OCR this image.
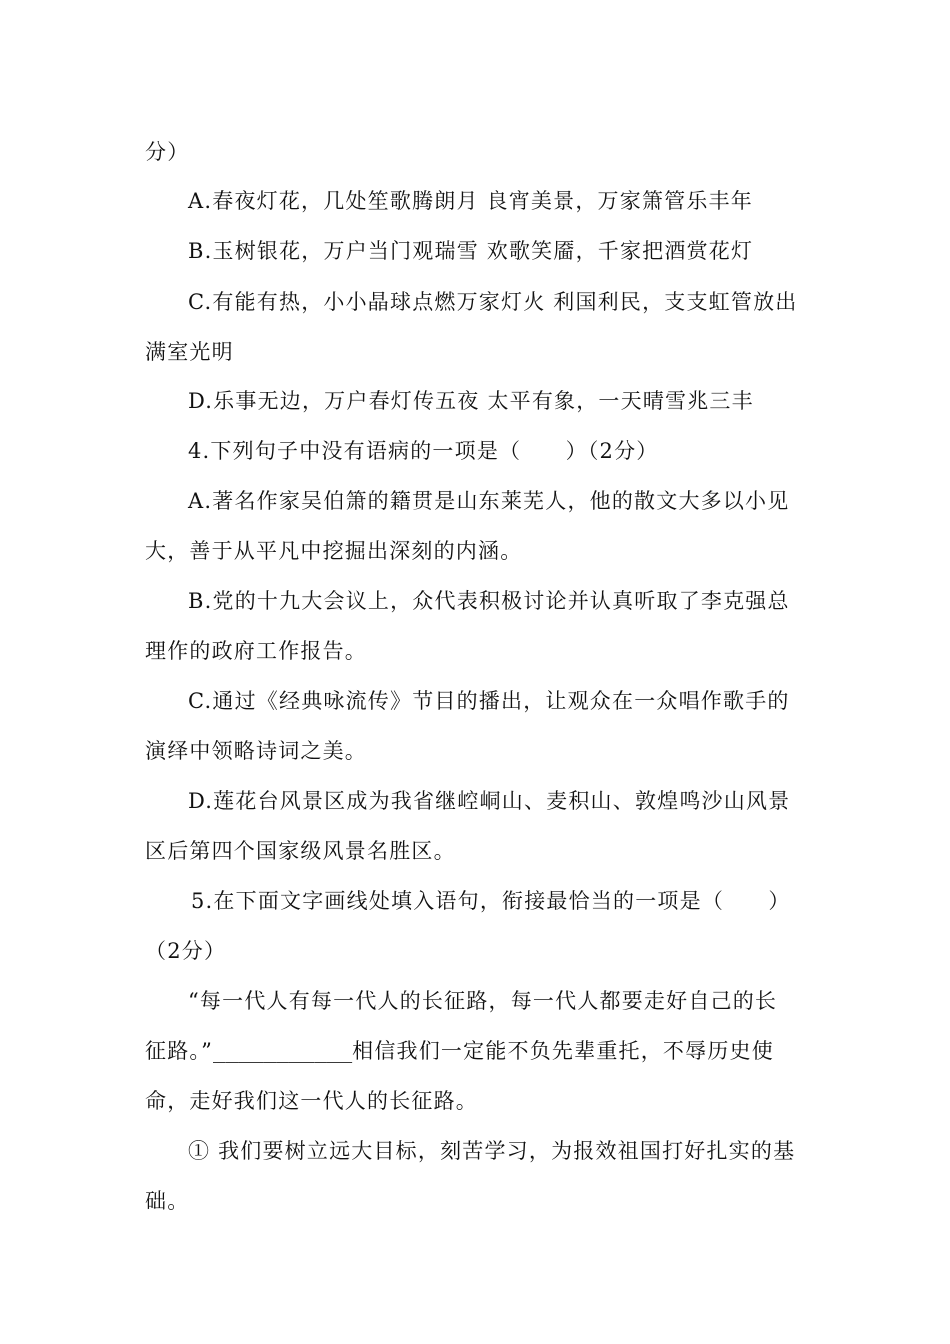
分）
A.春夜灯花，几处笙歌腾朗月 良宵美景，万家箫管乐丰年
B.玉树银花，万户当门观瑞雪 欢歌笑靥，千家把酒赏花灯
C.有能有热，小小晶球点燃万家灯火 利国利民，支支虹管放出
满室光明
D.乐事无边，万户春灯传五夜 太平有象，一天晴雪兆三丰
4.下列句子中没有语病的一项是（　　）（2分）
A.著名作家吴伯箫的籍贯是山东莱芜人，他的散文大多以小见
大，善于从平凡中挖掘出深刻的内涵。
B.党的十九大会议上，众代表积极讨论并认真听取了李克强总
理作的政府工作报告。
C.通过《经典咏流传》节目的播出，让观众在一众唱作歌手的
演绎中领略诗词之美。
D.莲花台风景区成为我省继崆峒山、麦积山、敦煌鸣沙山风景
区后第四个国家级风景名胜区。
5.在下面文字画线处填入语句，衔接最恰当的一项是（　　）
（2分）
“每一代人有每一代人的长征路，每一代人都要走好自己的长
征路。”___________相信我们一定能不负先辈重托，不辱历史使
命，走好我们这一代人的长征路。
① 我们要树立远大目标，刻苦学习，为报效祖国打好扎实的基
础。
